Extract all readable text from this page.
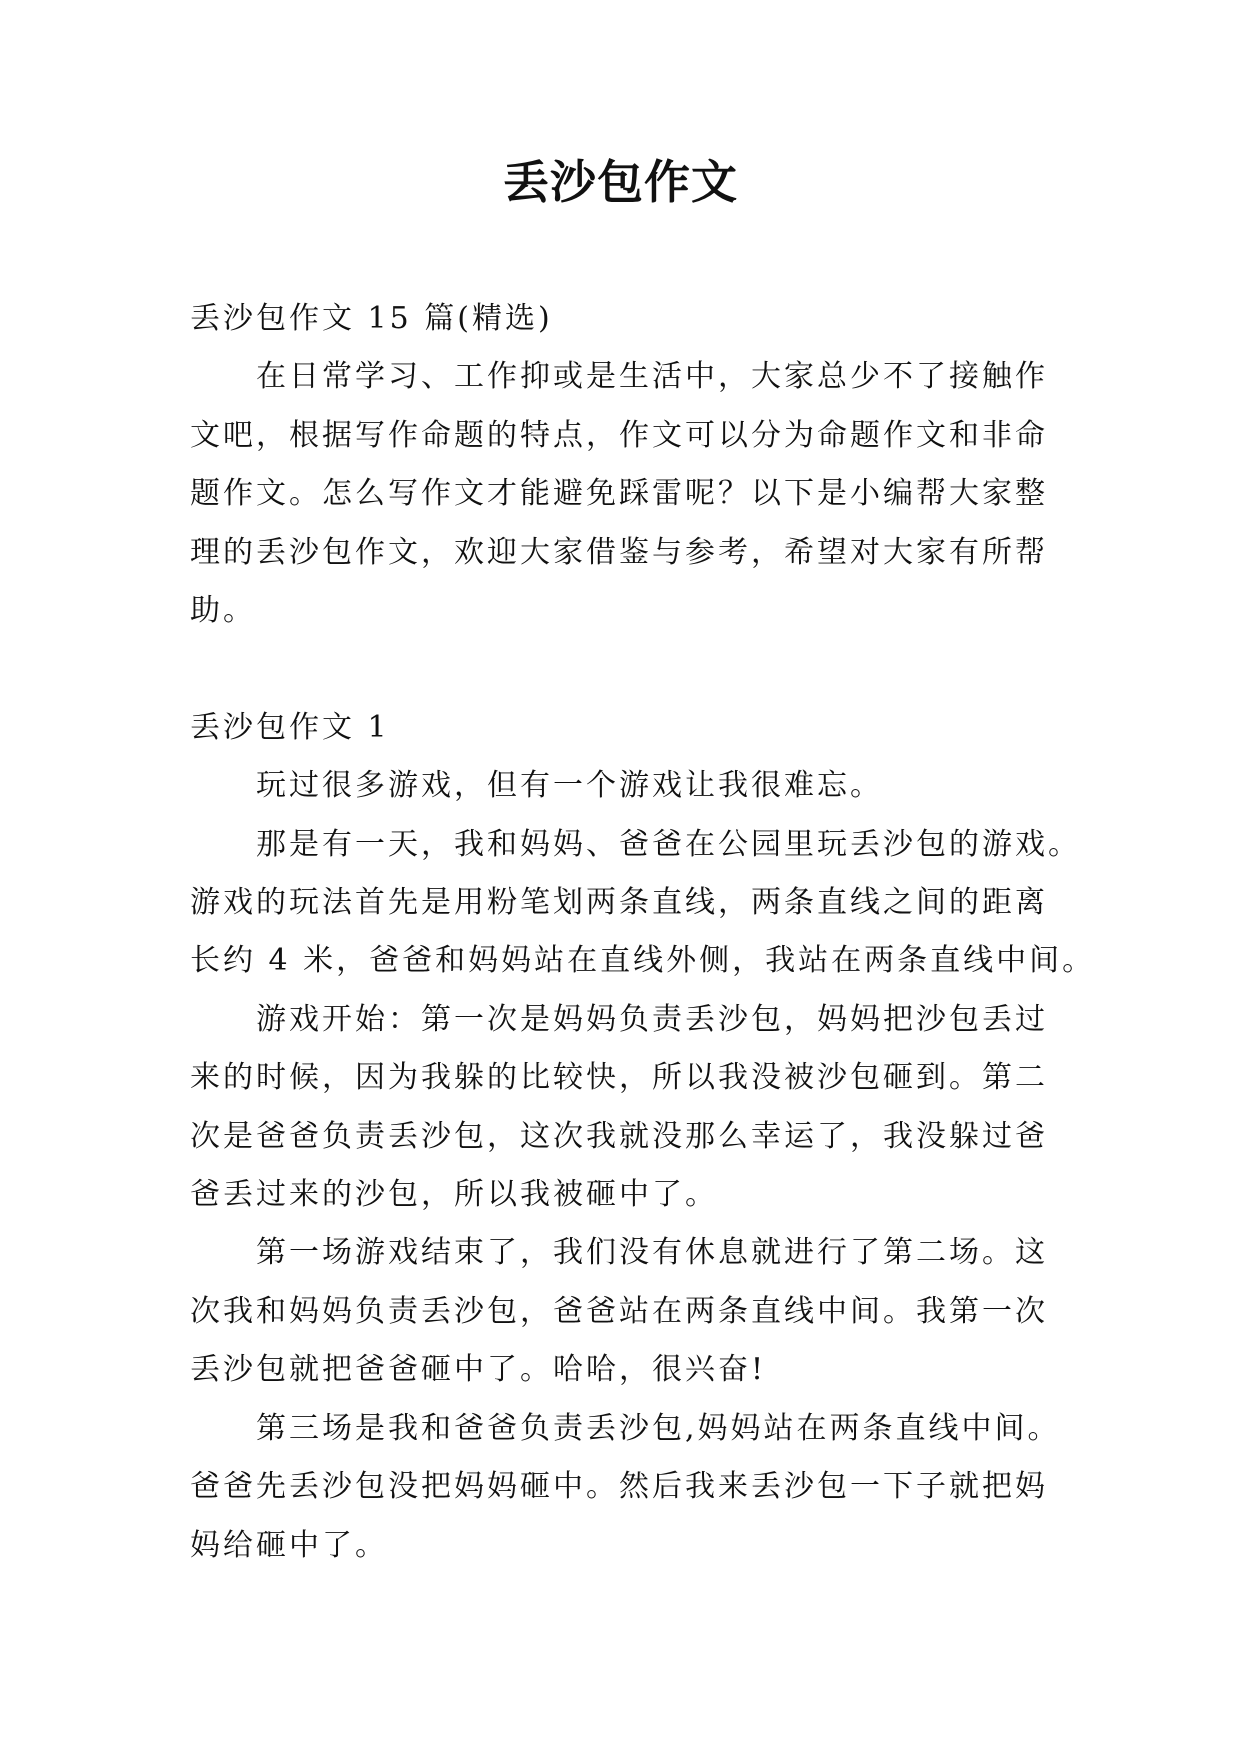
丢沙包作文

丢沙包作文 15 篇(精选)

在日常学习、工作抑或是生活中，大家总少不了接触作

文吧，根据写作命题的特点，作文可以分为命题作文和非命

题作文。怎么写作文才能避免踩雷呢？以下是小编帮大家整

理的丢沙包作文，欢迎大家借鉴与参考，希望对大家有所帮

助。

丢沙包作文 1

玩过很多游戏，但有一个游戏让我很难忘。

那是有一天，我和妈妈、爸爸在公园里玩丢沙包的游戏。

游戏的玩法首先是用粉笔划两条直线，两条直线之间的距离

长约 4 米，爸爸和妈妈站在直线外侧，我站在两条直线中间。

游戏开始：第一次是妈妈负责丢沙包，妈妈把沙包丢过

来的时候，因为我躲的比较快，所以我没被沙包砸到。第二

次是爸爸负责丢沙包，这次我就没那么幸运了，我没躲过爸

爸丢过来的沙包，所以我被砸中了。

第一场游戏结束了，我们没有休息就进行了第二场。这

次我和妈妈负责丢沙包，爸爸站在两条直线中间。我第一次

丢沙包就把爸爸砸中了。哈哈，很兴奋!

第三场是我和爸爸负责丢沙包,妈妈站在两条直线中间。

爸爸先丢沙包没把妈妈砸中。然后我来丢沙包一下子就把妈

妈给砸中了。
